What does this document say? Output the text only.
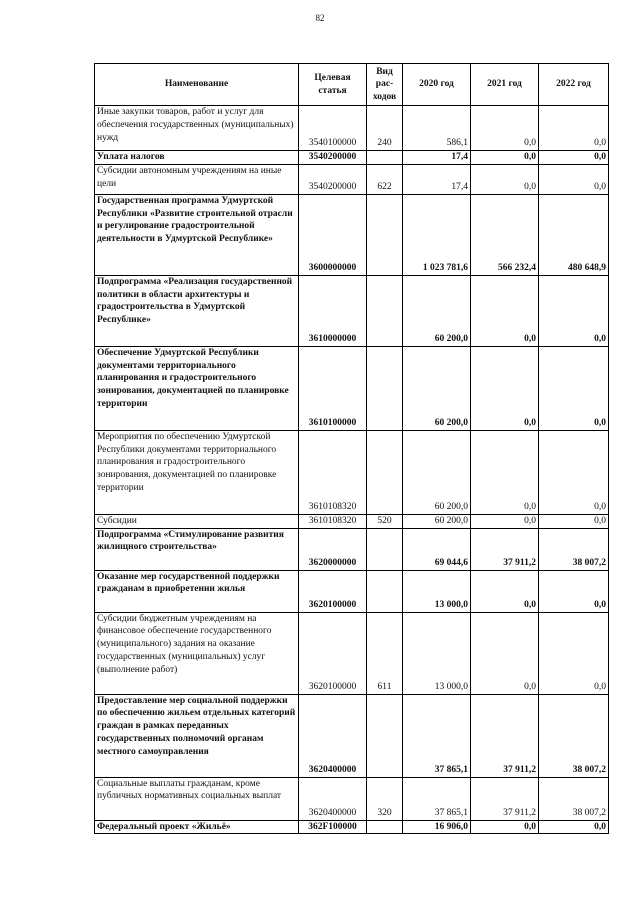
82
Наименование	Целевая статья	Вид рас-ходов	2020 год	2021 год	2022 год
Иные закупки товаров, работ и услуг для обеспечения государственных (муниципальных) нужд	3540100000	240	586,1	0,0	0,0
Уплата налогов	3540200000		17,4	0,0	0,0
Субсидии автономным учреждениям на иные цели	3540200000	622	17,4	0,0	0,0
Государственная программа Удмуртской Республики «Развитие строительной отрасли и регулирование градостроительной деятельности в Удмуртской Республике»	3600000000		1 023 781,6	566 232,4	480 648,9
Подпрограмма «Реализация государственной политики в области архитектуры и градостроительства в Удмуртской Республике»	3610000000		60 200,0	0,0	0,0
Обеспечение Удмуртской Республики документами территориального планирования и градостроительного зонирования, документацией по планировке территории	3610100000		60 200,0	0,0	0,0
Мероприятия по обеспечению Удмуртской Республики документами территориального планирования и градостроительного зонирования, документацией по планировке территории	3610108320		60 200,0	0,0	0,0
Субсидии	3610108320	520	60 200,0	0,0	0,0
Подпрограмма «Стимулирование развития жилищного строительства»	3620000000		69 044,6	37 911,2	38 007,2
Оказание мер государственной поддержки гражданам в приобретении жилья	3620100000		13 000,0	0,0	0,0
Субсидии бюджетным учреждениям на финансовое обеспечение государственного (муниципального) задания на оказание государственных (муниципальных) услуг (выполнение работ)	3620100000	611	13 000,0	0,0	0,0
Предоставление мер социальной поддержки по обеспечению жильем отдельных категорий граждан в рамках переданных государственных полномочий органам местного самоуправления	3620400000		37 865,1	37 911,2	38 007,2
Социальные выплаты гражданам, кроме публичных нормативных социальных выплат	3620400000	320	37 865,1	37 911,2	38 007,2
Федеральный проект «Жильё»	362F100000		16 906,0	0,0	0,0
